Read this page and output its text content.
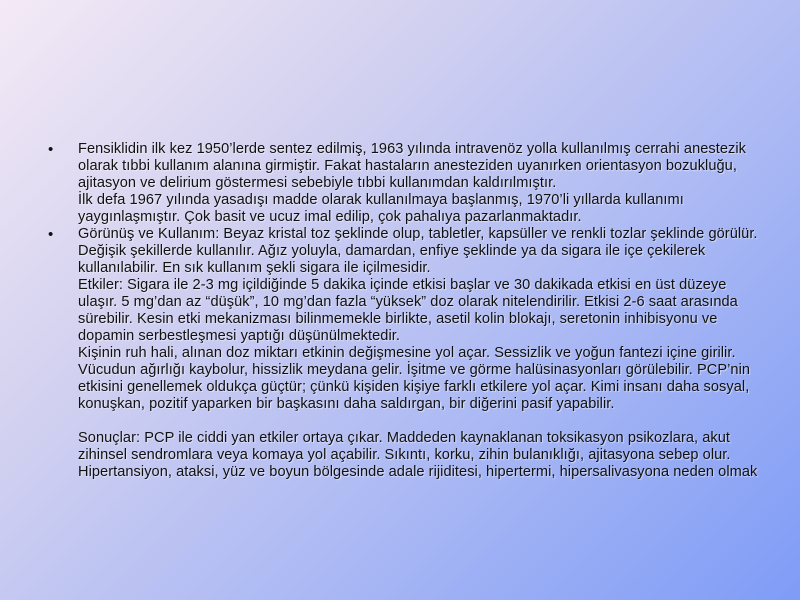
• Fensiklidin ilk kez 1950’lerde sentez edilmiş, 1963 yılında intravenöz yolla kullanılmış cerrahi anestezik olarak tıbbi kullanım alanına girmiştir. Fakat hastaların anesteziden uyanırken orientasyon bozukluğu, ajitasyon ve delirium göstermesi sebebiyle tıbbi kullanımdan kaldırılmıştır.

İlk defa 1967 yılında yasadışı madde olarak kullanılmaya başlanmış, 1970’li yıllarda kullanımı yaygınlaşmıştır. Çok basit ve ucuz imal edilip, çok pahalıya pazarlanmaktadır.

• Görünüş ve Kullanım: Beyaz kristal toz şeklinde olup, tabletler, kapsüller ve renkli tozlar şeklinde görülür. Değişik şekillerde kullanılır. Ağız yoluyla, damardan, enfiye şeklinde ya da sigara ile içe çekilerek kullanılabilir. En sık kullanım şekli sigara ile içilmesidir.

Etkiler: Sigara ile 2-3 mg içildiğinde 5 dakika içinde etkisi başlar ve 30 dakikada etkisi en üst düzeye ulaşır. 5 mg’dan az “düşük”, 10 mg’dan fazla “yüksek” doz olarak nitelendirilir. Etkisi 2-6 saat arasında sürebilir. Kesin etki mekanizması bilinmemekle birlikte, asetil kolin blokajı, seretonin inhibisyonu ve dopamin serbestleşmesi yaptığı düşünülmektedir.

Kişinin ruh hali, alınan doz miktarı etkinin değişmesine yol açar. Sessizlik ve yoğun fantezi içine girilir. Vücudun ağırlığı kaybolur, hissizlik meydana gelir. İşitme ve görme halüsinasyonları görülebilir. PCP’nin etkisini genellemek oldukça güçtür; çünkü kişiden kişiye farklı etkilere yol açar. Kimi insanı daha sosyal, konuşkan, pozitif yaparken bir başkasını daha saldırgan, bir diğerini pasif yapabilir.

Sonuçlar: PCP ile ciddi yan etkiler ortaya çıkar. Maddeden kaynaklanan toksikasyon psikozlara, akut zihinsel sendromlara veya komaya yol açabilir. Sıkıntı, korku, zihin bulanıklığı, ajitasyona sebep olur. Hipertansiyon, ataksi, yüz ve boyun bölgesinde adale rijiditesi, hipertermi, hipersalivasyona neden olmak
